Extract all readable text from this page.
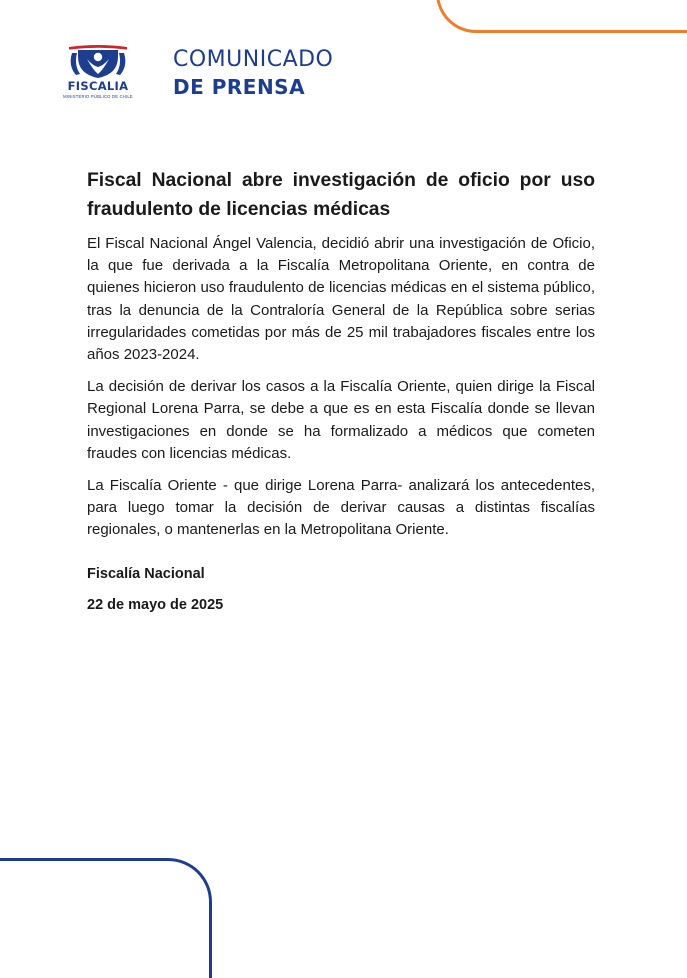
FISCALIA
MINISTERIO PÚBLICO DE CHILE
COMUNICADO
DE PRENSA
Fiscal Nacional abre investigación de oficio por uso fraudulento de licencias médicas

El Fiscal Nacional Ángel Valencia, decidió abrir una investigación de Oficio, la que fue derivada a la Fiscalía Metropolitana Oriente, en contra de quienes hicieron uso fraudulento de licencias médicas en el sistema público, tras la denuncia de la Contraloría General de la República sobre serias irregularidades cometidas por más de 25 mil trabajadores fiscales entre los años 2023-2024.

La decisión de derivar los casos a la Fiscalía Oriente, quien dirige la Fiscal Regional Lorena Parra, se debe a que es en esta Fiscalía donde se llevan investigaciones en donde se ha formalizado a médicos que cometen fraudes con licencias médicas.

La Fiscalía Oriente - que dirige Lorena Parra- analizará los antecedentes, para luego tomar la decisión de derivar causas a distintas fiscalías regionales, o mantenerlas en la Metropolitana Oriente.

Fiscalía Nacional
22 de mayo de 2025
